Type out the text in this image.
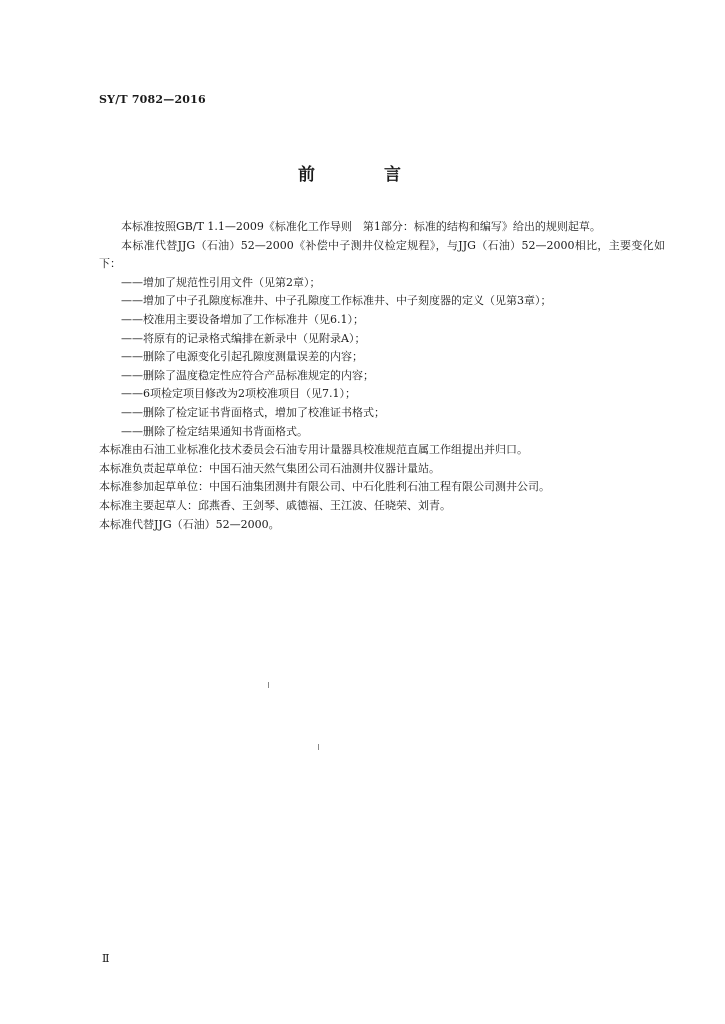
SY/T 7082—2016
前　言

本标准按照GB/T 1.1—2009《标准化工作导则　第1部分：标准的结构和编写》给出的规则起草。

本标准代替JJG（石油）52—2000《补偿中子测井仪检定规程》，与JJG（石油）52—2000相比，主要变化如下：

——增加了规范性引用文件（见第2章）；

——增加了中子孔隙度标准井、中子孔隙度工作标准井、中子刻度器的定义（见第3章）；

——校准用主要设备增加了工作标准井（见6.1）；

——将原有的记录格式编排在新录中（见附录A）；

——删除了电源变化引起孔隙度测量误差的内容；

——删除了温度稳定性应符合产品标准规定的内容；

——6项检定项目修改为2项校准项目（见7.1）；

——删除了检定证书背面格式，增加了校准证书格式；

——删除了检定结果通知书背面格式。

本标准由石油工业标准化技术委员会石油专用计量器具校准规范直属工作组提出并归口。

本标准负责起草单位：中国石油天然气集团公司石油测井仪器计量站。

本标准参加起草单位：中国石油集团测井有限公司、中石化胜利石油工程有限公司测井公司。

本标准主要起草人：邱燕香、王剑琴、戚德福、王江波、任晓荣、刘青。

本标准代替JJG（石油）52—2000。

Ⅱ
